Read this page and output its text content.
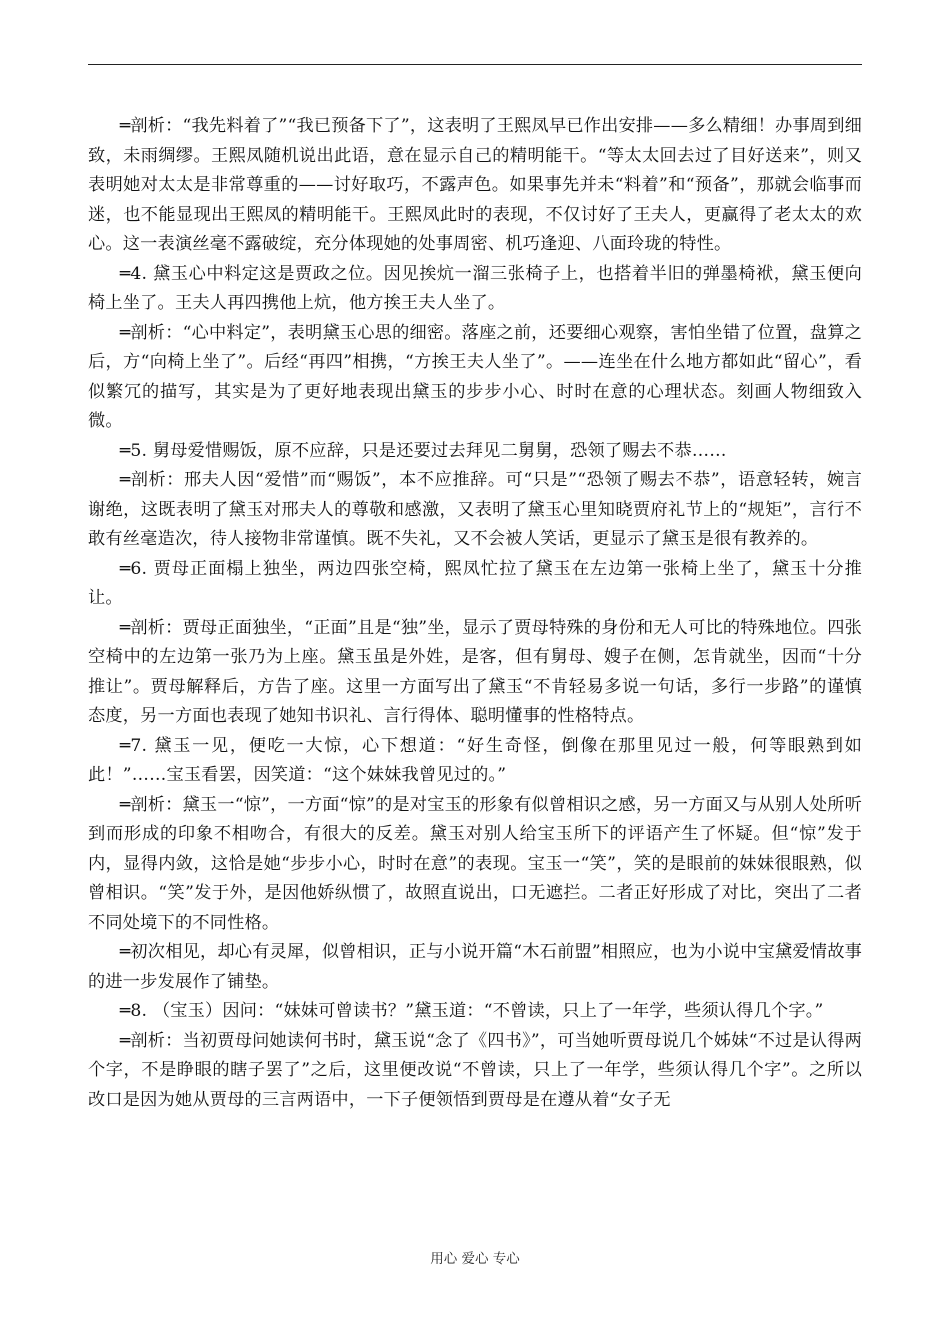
═剖析：“我先料着了”“我已预备下了”，这表明了王熙凤早已作出安排——多么精细！办事周到细致，未雨绸缪。王熙凤随机说出此语，意在显示自己的精明能干。“等太太回去过了目好送来”，则又表明她对太太是非常尊重的——讨好取巧，不露声色。如果事先并未“料着”和“预备”，那就会临事而迷，也不能显现出王熙凤的精明能干。王熙凤此时的表现，不仅讨好了王夫人，更赢得了老太太的欢心。这一表演丝毫不露破绽，充分体现她的处事周密、机巧逢迎、八面玲珑的特性。

═4. 黛玉心中料定这是贾政之位。因见挨炕一溜三张椅子上，也搭着半旧的弹墨椅袱，黛玉便向椅上坐了。王夫人再四携他上炕，他方挨王夫人坐了。

═剖析：“心中料定”，表明黛玉心思的细密。落座之前，还要细心观察，害怕坐错了位置，盘算之后，方“向椅上坐了”。后经“再四”相携，“方挨王夫人坐了”。——连坐在什么地方都如此“留心”，看似繁冗的描写，其实是为了更好地表现出黛玉的步步小心、时时在意的心理状态。刻画人物细致入微。

═5. 舅母爱惜赐饭，原不应辞，只是还要过去拜见二舅舅，恐领了赐去不恭……

═剖析：邢夫人因“爱惜”而“赐饭”，本不应推辞。可“只是”“恐领了赐去不恭”，语意轻转，婉言谢绝，这既表明了黛玉对邢夫人的尊敬和感激，又表明了黛玉心里知晓贾府礼节上的“规矩”，言行不敢有丝毫造次，待人接物非常谨慎。既不失礼，又不会被人笑话，更显示了黛玉是很有教养的。

═6. 贾母正面榻上独坐，两边四张空椅，熙凤忙拉了黛玉在左边第一张椅上坐了，黛玉十分推让。

═剖析：贾母正面独坐，“正面”且是“独”坐，显示了贾母特殊的身份和无人可比的特殊地位。四张空椅中的左边第一张乃为上座。黛玉虽是外姓，是客，但有舅母、嫂子在侧，怎肯就坐，因而“十分推让”。贾母解释后，方告了座。这里一方面写出了黛玉“不肯轻易多说一句话，多行一步路”的谨慎态度，另一方面也表现了她知书识礼、言行得体、聪明懂事的性格特点。

═7. 黛玉一见，便吃一大惊，心下想道：“好生奇怪，倒像在那里见过一般，何等眼熟到如此！”……宝玉看罢，因笑道：“这个妹妹我曾见过的。”

═剖析：黛玉一“惊”，一方面“惊”的是对宝玉的形象有似曾相识之感，另一方面又与从别人处所听到而形成的印象不相吻合，有很大的反差。黛玉对别人给宝玉所下的评语产生了怀疑。但“惊”发于内，显得内敛，这恰是她“步步小心，时时在意”的表现。宝玉一“笑”，笑的是眼前的妹妹很眼熟，似曾相识。“笑”发于外，是因他娇纵惯了，故照直说出，口无遮拦。二者正好形成了对比，突出了二者不同处境下的不同性格。

═初次相见，却心有灵犀，似曾相识，正与小说开篇“木石前盟”相照应，也为小说中宝黛爱情故事的进一步发展作了铺垫。

═8. （宝玉）因问：“妹妹可曾读书？”黛玉道：“不曾读，只上了一年学，些须认得几个字。”

═剖析：当初贾母问她读何书时，黛玉说“念了《四书》”，可当她听贾母说几个姊妹“不过是认得两个字，不是睁眼的瞎子罢了”之后，这里便改说“不曾读，只上了一年学，些须认得几个字”。之所以改口是因为她从贾母的三言两语中，一下子便领悟到贾母是在遵从着“女子无

用心 爱心 专心
